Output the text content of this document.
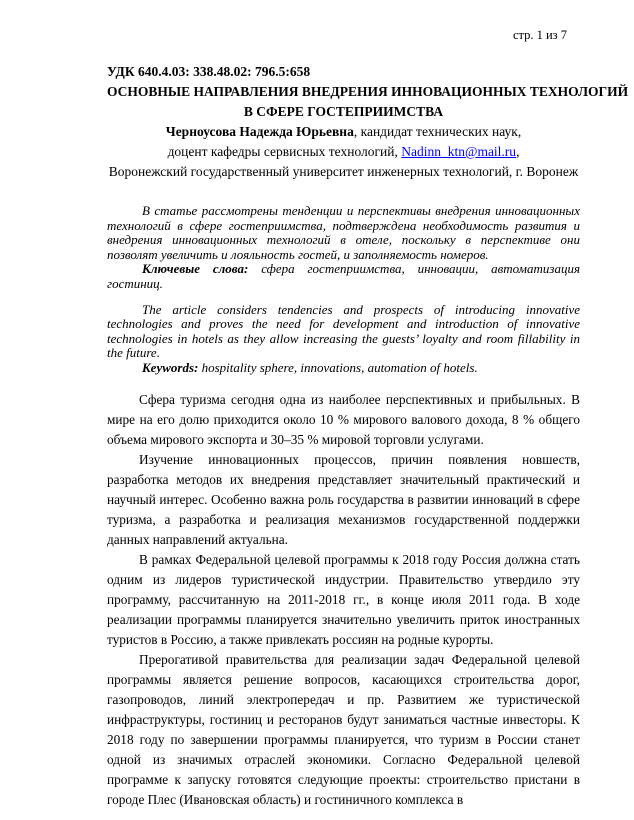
стр. 1 из 7
УДК 640.4.03: 338.48.02: 796.5:658
ОСНОВНЫЕ НАПРАВЛЕНИЯ ВНЕДРЕНИЯ ИННОВАЦИОННЫХ ТЕХНОЛОГИЙ
В СФЕРЕ ГОСТЕПРИИМСТВА
Черноусова Надежда Юрьевна, кандидат технических наук,
доцент кафедры сервисных технологий, Nadinn_ktn@mail.ru,
Воронежский государственный университет инженерных технологий, г. Воронеж

В статье рассмотрены тенденции и перспективы внедрения инновационных технологий в сфере гостеприимства, подтверждена необходимость развития и внедрения инновационных технологий в отеле, поскольку в перспективе они позволят увеличить и лояльность гостей, и заполняемость номеров.

Ключевые слова: сфера гостеприимства, инновации, автоматизация гостиниц.

The article considers tendencies and prospects of introducing innovative technologies and proves the need for development and introduction of innovative technologies in hotels as they allow increasing the guests’ loyalty and room fillability in the future.

Keywords: hospitality sphere, innovations, automation of hotels.

Сфера туризма сегодня одна из наиболее перспективных и прибыльных. В мире на его долю приходится около 10 % мирового валового дохода, 8 % общего объема мирового экспорта и 30–35 % мировой торговли услугами.

Изучение инновационных процессов, причин появления новшеств, разработка методов их внедрения представляет значительный практический и научный интерес. Особенно важна роль государства в развитии инноваций в сфере туризма, а разработка и реализация механизмов государственной поддержки данных направлений актуальна.

В рамках Федеральной целевой программы к 2018 году Россия должна стать одним из лидеров туристической индустрии. Правительство утвердило эту программу, рассчитанную на 2011-2018 гг., в конце июля 2011 года. В ходе реализации программы планируется значительно увеличить приток иностранных туристов в Россию, а также привлекать россиян на родные курорты.

Прерогативой правительства для реализации задач Федеральной целевой программы является решение вопросов, касающихся строительства дорог, газопроводов, линий электропередач и пр. Развитием же туристической инфраструктуры, гостиниц и ресторанов будут заниматься частные инвесторы. К 2018 году по завершении программы планируется, что туризм в России станет одной из значимых отраслей экономики. Согласно Федеральной целевой программе к запуску готовятся следующие проекты: строительство пристани в городе Плес (Ивановская область) и гостиничного комплекса в
